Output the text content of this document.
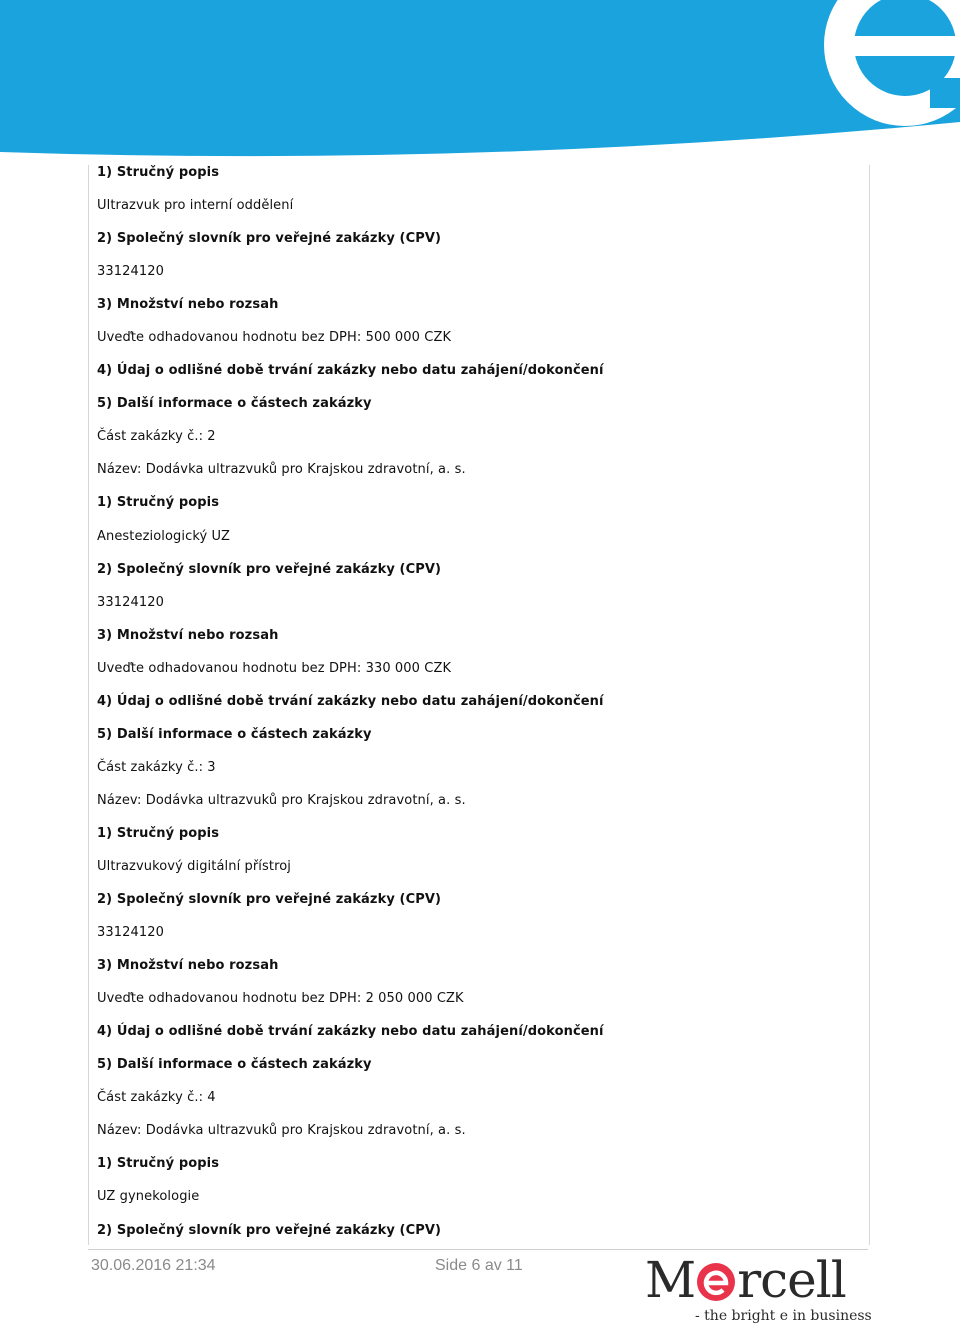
1) Stručný popis
Ultrazvuk pro interní oddělení
2) Společný slovník pro veřejné zakázky (CPV)
33124120
3) Množství nebo rozsah
Uveďte odhadovanou hodnotu bez DPH: 500 000 CZK
4) Údaj o odlišné době trvání zakázky nebo datu zahájení/dokončení
5) Další informace o částech zakázky
Část zakázky č.: 2
Název: Dodávka ultrazvuků pro Krajskou zdravotní, a. s.
1) Stručný popis
Anesteziologický UZ
2) Společný slovník pro veřejné zakázky (CPV)
33124120
3) Množství nebo rozsah
Uveďte odhadovanou hodnotu bez DPH: 330 000 CZK
4) Údaj o odlišné době trvání zakázky nebo datu zahájení/dokončení
5) Další informace o částech zakázky
Část zakázky č.: 3
Název: Dodávka ultrazvuků pro Krajskou zdravotní, a. s.
1) Stručný popis
Ultrazvukový digitální přístroj
2) Společný slovník pro veřejné zakázky (CPV)
33124120
3) Množství nebo rozsah
Uveďte odhadovanou hodnotu bez DPH: 2 050 000 CZK
4) Údaj o odlišné době trvání zakázky nebo datu zahájení/dokončení
5) Další informace o částech zakázky
Část zakázky č.: 4
Název: Dodávka ultrazvuků pro Krajskou zdravotní, a. s.
1) Stručný popis
UZ gynekologie
2) Společný slovník pro veřejné zakázky (CPV)
30.06.2016 21:34	Side 6 av 11 M rcell
- the bright e in business
